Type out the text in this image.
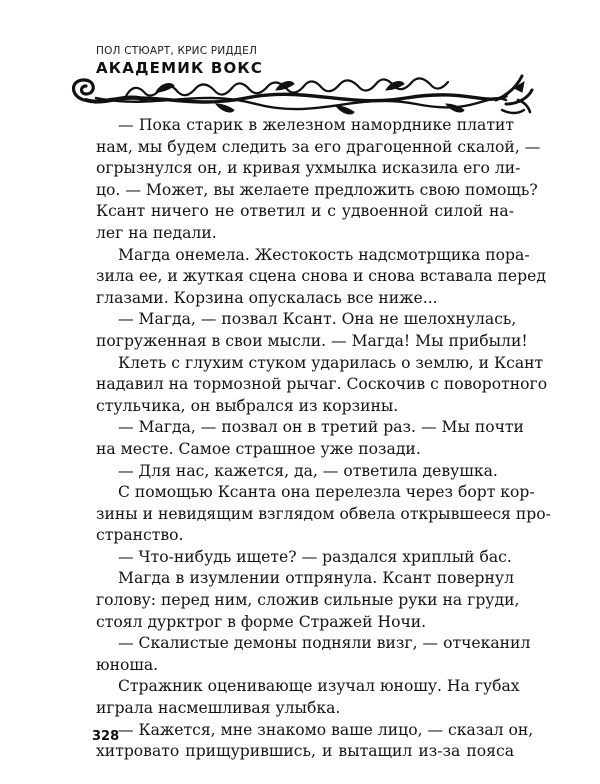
ПОЛ СТЮАРТ, КРИС РИДДЕЛ
АКАДЕМИК ВОКС
— Пока старик в железном наморднике платит
нам, мы будем следить за его драгоценной скалой, —
огрызнулся он, и кривая ухмылка исказила его ли-
цо. — Может, вы желаете предложить свою помощь?
Ксант ничего не ответил и с удвоенной силой на-
лег на педали.
Магда онемела. Жестокость надсмотрщика пора-
зила ее, и жуткая сцена снова и снова вставала перед
глазами. Корзина опускалась все ниже...
— Магда, — позвал Ксант. Она не шелохнулась,
погруженная в свои мысли. — Магда! Мы прибыли!
Клеть с глухим стуком ударилась о землю, и Ксант
надавил на тормозной рычаг. Соскочив с поворотного
стульчика, он выбрался из корзины.
— Магда, — позвал он в третий раз. — Мы почти
на месте. Самое страшное уже позади.
— Для нас, кажется, да, — ответила девушка.
С помощью Ксанта она перелезла через борт кор-
зины и невидящим взглядом обвела открывшееся про-
странство.
— Что-нибудь ищете? — раздался хриплый бас.
Магда в изумлении отпрянула. Ксант повернул
голову: перед ним, сложив сильные руки на груди,
стоял дурктрог в форме Стражей Ночи.
— Скалистые демоны подняли визг, — отчеканил
юноша.
Стражник оценивающе изучал юношу. На губах
играла насмешливая улыбка.
— Кажется, мне знакомо ваше лицо, — сказал он,
хитровато прищурившись, и вытащил из-за пояса
328
